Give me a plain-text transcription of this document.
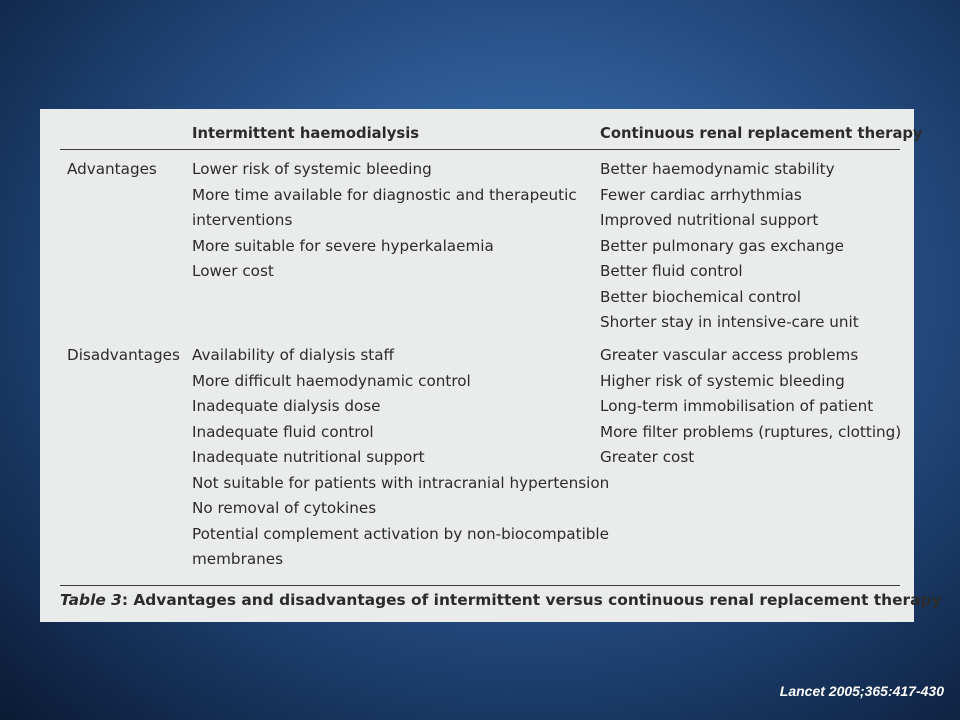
Intermittent haemodialysis	Continuous renal replacement therapy
Advantages Lower risk of systemic bleeding
More time available for diagnostic and therapeutic
interventions
More suitable for severe hyperkalaemia
Lower cost
Better haemodynamic stability
Fewer cardiac arrhythmias
Improved nutritional support
Better pulmonary gas exchange
Better fluid control
Better biochemical control
Shorter stay in intensive-care unit
Disadvantages Availability of dialysis staff
More difficult haemodynamic control
Inadequate dialysis dose
Inadequate fluid control
Inadequate nutritional support
Not suitable for patients with intracranial hypertension
No removal of cytokines
Potential complement activation by non-biocompatible
membranes
Greater vascular access problems
Higher risk of systemic bleeding
Long-term immobilisation of patient
More filter problems (ruptures, clotting)
Greater cost
Table 3: Advantages and disadvantages of intermittent versus continuous renal replacement therapy
Lancet 2005;365:417-430
